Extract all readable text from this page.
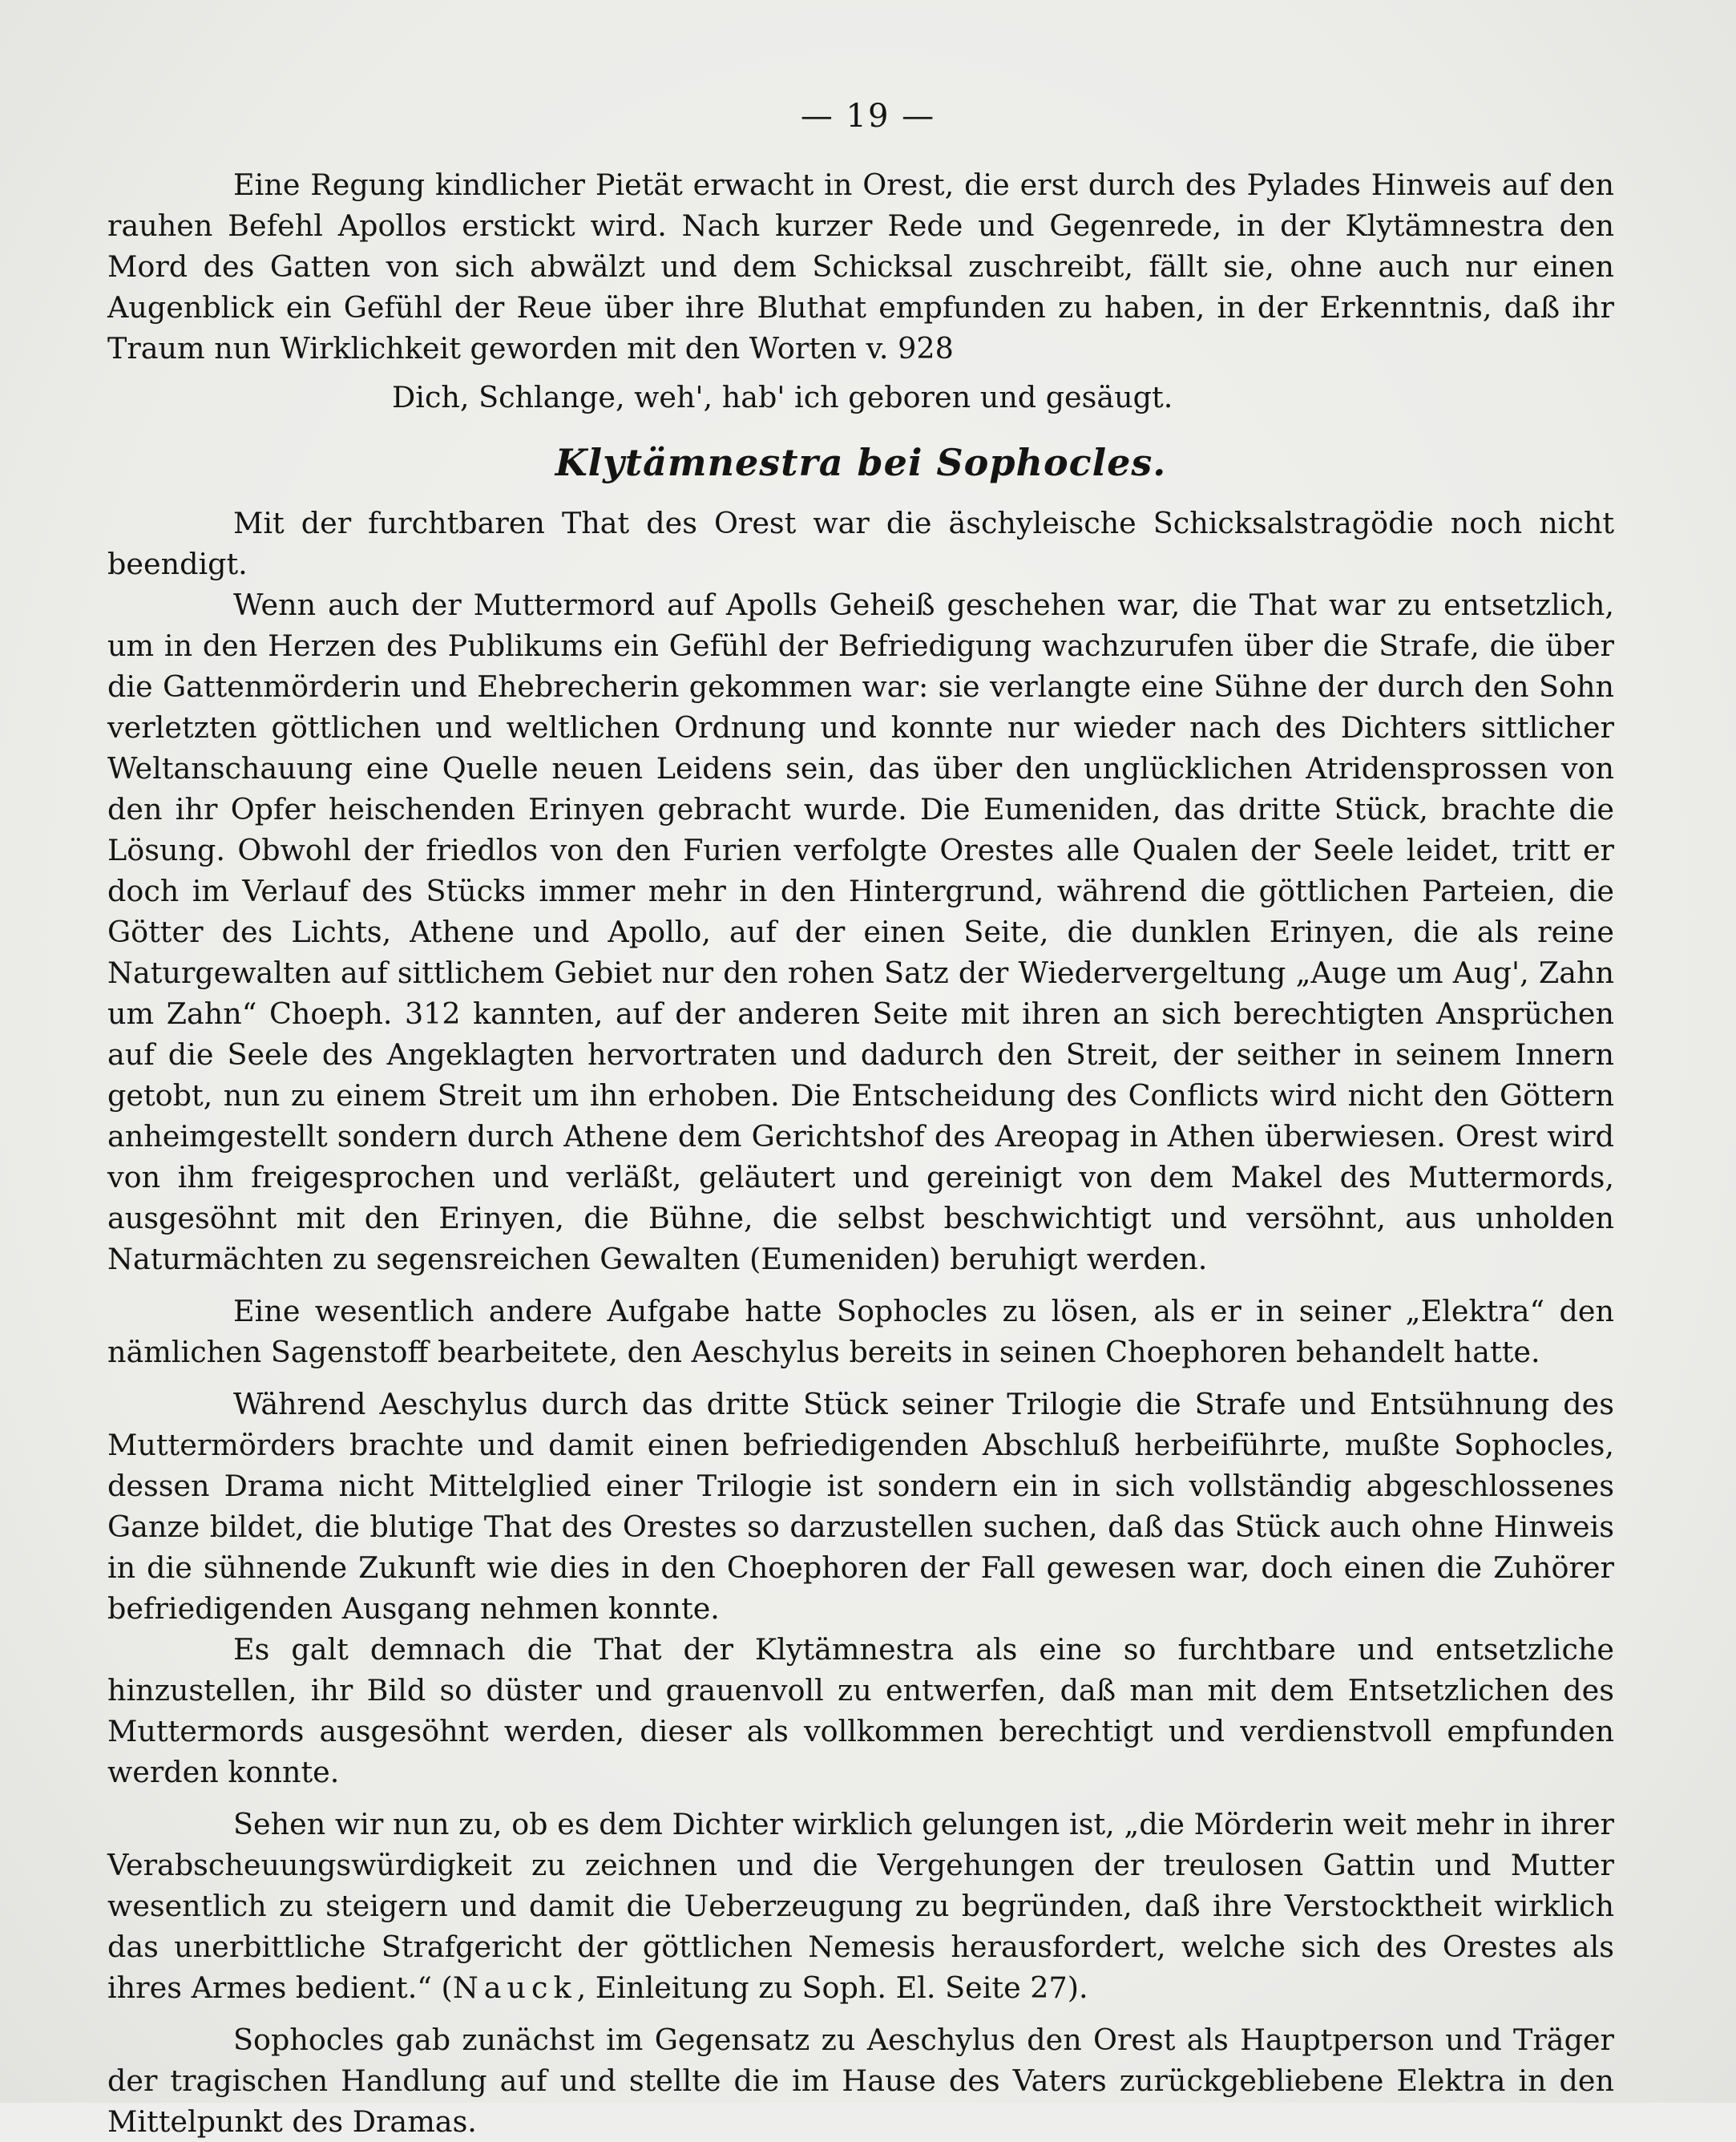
— 19 —

Eine Regung kindlicher Pietät erwacht in Orest, die erst durch des Pylades Hinweis auf den rauhen Befehl Apollos erstickt wird. Nach kurzer Rede und Gegenrede, in der Klytämnestra den Mord des Gatten von sich abwälzt und dem Schicksal zuschreibt, fällt sie, ohne auch nur einen Augenblick ein Gefühl der Reue über ihre Bluthat empfunden zu haben, in der Erkenntnis, daß ihr Traum nun Wirklichkeit geworden mit den Worten v. 928

Dich, Schlange, weh', hab' ich geboren und gesäugt.

Klytämnestra bei Sophocles.

Mit der furchtbaren That des Orest war die äschyleische Schicksalstragödie noch nicht beendigt.

Wenn auch der Muttermord auf Apolls Geheiß geschehen war, die That war zu entsetzlich, um in den Herzen des Publikums ein Gefühl der Befriedigung wachzurufen über die Strafe, die über die Gattenmörderin und Ehebrecherin gekommen war: sie verlangte eine Sühne der durch den Sohn verletzten göttlichen und weltlichen Ordnung und konnte nur wieder nach des Dichters sittlicher Weltanschauung eine Quelle neuen Leidens sein, das über den unglücklichen Atridensprossen von den ihr Opfer heischenden Erinyen gebracht wurde. Die Eumeniden, das dritte Stück, brachte die Lösung. Obwohl der friedlos von den Furien verfolgte Orestes alle Qualen der Seele leidet, tritt er doch im Verlauf des Stücks immer mehr in den Hintergrund, während die göttlichen Parteien, die Götter des Lichts, Athene und Apollo, auf der einen Seite, die dunklen Erinyen, die als reine Naturgewalten auf sittlichem Gebiet nur den rohen Satz der Wiedervergeltung „Auge um Aug', Zahn um Zahn“ Choeph. 312 kannten, auf der anderen Seite mit ihren an sich berechtigten Ansprüchen auf die Seele des Angeklagten hervortraten und dadurch den Streit, der seither in seinem Innern getobt, nun zu einem Streit um ihn erhoben. Die Entscheidung des Conflicts wird nicht den Göttern anheimgestellt sondern durch Athene dem Gerichtshof des Areopag in Athen überwiesen. Orest wird von ihm freigesprochen und verläßt, geläutert und gereinigt von dem Makel des Muttermords, ausgesöhnt mit den Erinyen, die Bühne, die selbst beschwichtigt und versöhnt, aus unholden Naturmächten zu segensreichen Gewalten (Eumeniden) beruhigt werden.

Eine wesentlich andere Aufgabe hatte Sophocles zu lösen, als er in seiner „Elektra“ den nämlichen Sagenstoff bearbeitete, den Aeschylus bereits in seinen Choephoren behandelt hatte.

Während Aeschylus durch das dritte Stück seiner Trilogie die Strafe und Entsühnung des Muttermörders brachte und damit einen befriedigenden Abschluß herbeiführte, mußte Sophocles, dessen Drama nicht Mittelglied einer Trilogie ist sondern ein in sich vollständig abgeschlossenes Ganze bildet, die blutige That des Orestes so darzustellen suchen, daß das Stück auch ohne Hinweis in die sühnende Zukunft wie dies in den Choephoren der Fall gewesen war, doch einen die Zuhörer befriedigenden Ausgang nehmen konnte.

Es galt demnach die That der Klytämnestra als eine so furchtbare und entsetzliche hinzustellen, ihr Bild so düster und grauenvoll zu entwerfen, daß man mit dem Entsetzlichen des Muttermords ausgesöhnt werden, dieser als vollkommen berechtigt und verdienstvoll empfunden werden konnte.

Sehen wir nun zu, ob es dem Dichter wirklich gelungen ist, „die Mörderin weit mehr in ihrer Verabscheuungswürdigkeit zu zeichnen und die Vergehungen der treulosen Gattin und Mutter wesentlich zu steigern und damit die Ueberzeugung zu begründen, daß ihre Verstocktheit wirklich das unerbittliche Strafgericht der göttlichen Nemesis herausfordert, welche sich des Orestes als ihres Armes bedient.“ (Nauck, Einleitung zu Soph. El. Seite 27).

Sophocles gab zunächst im Gegensatz zu Aeschylus den Orest als Hauptperson und Träger der tragischen Handlung auf und stellte die im Hause des Vaters zurückgebliebene Elektra in den Mittelpunkt des Dramas.
